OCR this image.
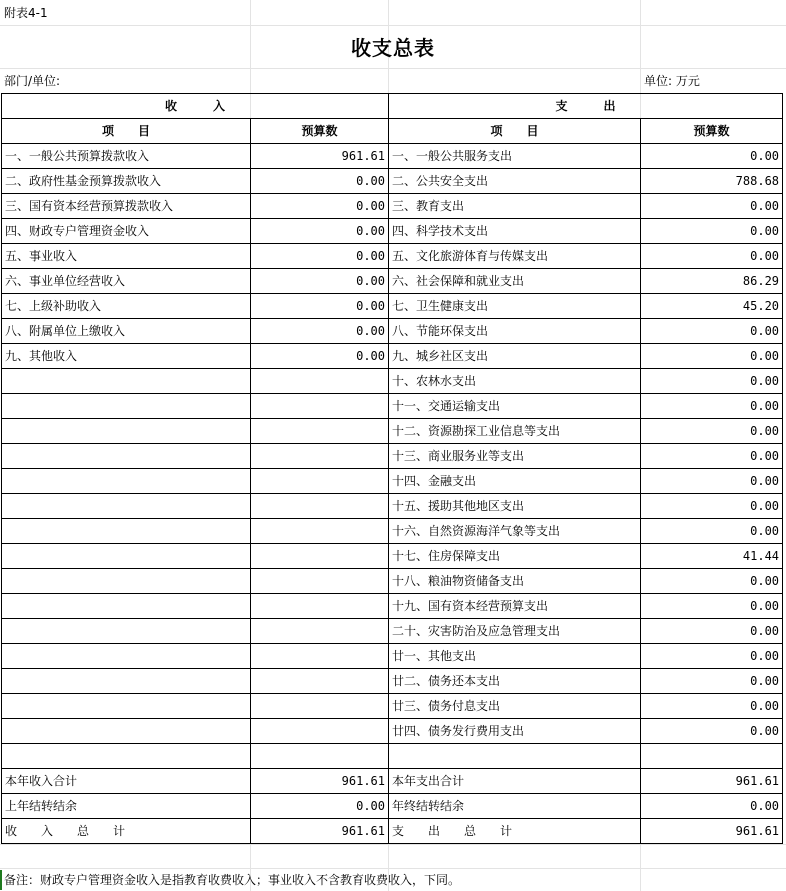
附表4-1
收支总表
部门/单位:	单位: 万元
收　　　入		支　　　出	
项　　目	预算数	项　　目	预算数
一、一般公共预算拨款收入	961.61	一、一般公共服务支出	0.00
二、政府性基金预算拨款收入	0.00	二、公共安全支出	788.68
三、国有资本经营预算拨款收入	0.00	三、教育支出	0.00
四、财政专户管理资金收入	0.00	四、科学技术支出	0.00
五、事业收入	0.00	五、文化旅游体育与传媒支出	0.00
六、事业单位经营收入	0.00	六、社会保障和就业支出	86.29
七、上级补助收入	0.00	七、卫生健康支出	45.20
八、附属单位上缴收入	0.00	八、节能环保支出	0.00
九、其他收入	0.00	九、城乡社区支出	0.00
		十、农林水支出	0.00
		十一、交通运输支出	0.00
		十二、资源勘探工业信息等支出	0.00
		十三、商业服务业等支出	0.00
		十四、金融支出	0.00
		十五、援助其他地区支出	0.00
		十六、自然资源海洋气象等支出	0.00
		十七、住房保障支出	41.44
		十八、粮油物资储备支出	0.00
		十九、国有资本经营预算支出	0.00
		二十、灾害防治及应急管理支出	0.00
		廿一、其他支出	0.00
		廿二、债务还本支出	0.00
		廿三、债务付息支出	0.00
		廿四、债务发行费用支出	0.00

本年收入合计	961.61	本年支出合计	961.61
上年结转结余	0.00	年终结转结余	0.00
收　　入　　总　　计	961.61	支　　出　　总　　计	961.61
备注：财政专户管理资金收入是指教育收费收入；事业收入不含教育收费收入，下同。
